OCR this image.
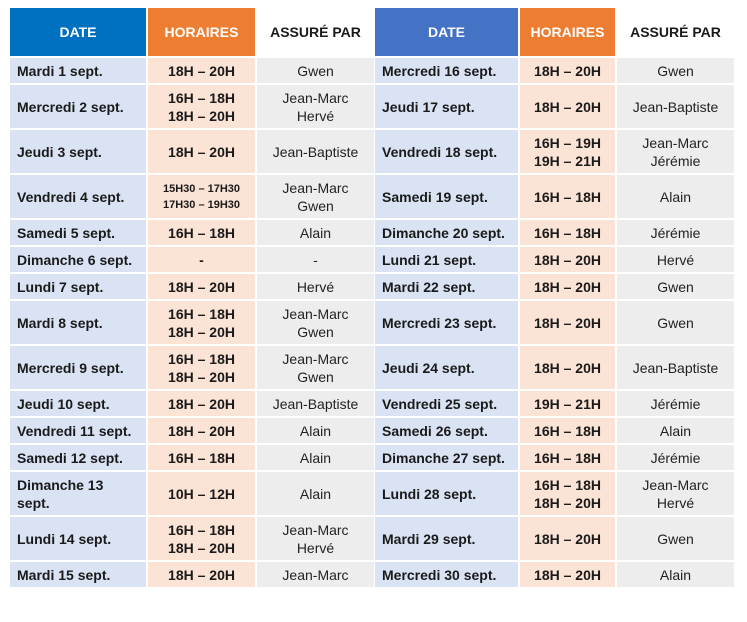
DATE	HORAIRES	ASSURÉ PAR

Mardi 1 sept.	18H – 20H	Gwen

Mercredi 2 sept.	16H – 18H
18H – 20H	Jean-Marc
Hervé

Jeudi 3 sept.	18H – 20H	Jean-Baptiste

Vendredi 4 sept.	15H30 – 17H30
17H30 – 19H30	Jean-Marc
Gwen

Samedi 5 sept.	16H – 18H	Alain

Dimanche 6 sept.	-	-

Lundi 7 sept.	18H – 20H	Hervé

Mardi 8 sept.	16H – 18H
18H – 20H	Jean-Marc
Gwen

Mercredi 9 sept.	16H – 18H
18H – 20H	Jean-Marc
Gwen

Jeudi 10 sept.	18H – 20H	Jean-Baptiste

Vendredi 11 sept.	18H – 20H	Alain

Samedi 12 sept.	16H – 18H	Alain

Dimanche 13
sept.	10H – 12H	Alain

Lundi 14 sept.	16H – 18H
18H – 20H	Jean-Marc
Hervé

Mardi 15 sept.	18H – 20H	Jean-Marc
DATE	HORAIRES	ASSURÉ PAR

Mercredi 16 sept.	18H – 20H	Gwen

Jeudi 17 sept.	18H – 20H	Jean-Baptiste

Vendredi 18 sept.	16H – 19H
19H – 21H	Jean-Marc
Jérémie

Samedi 19 sept.	16H – 18H	Alain

Dimanche 20 sept.	16H – 18H	Jérémie

Lundi 21 sept.	18H – 20H	Hervé

Mardi 22 sept.	18H – 20H	Gwen

Mercredi 23 sept.	18H – 20H	Gwen

Jeudi 24 sept.	18H – 20H	Jean-Baptiste

Vendredi 25 sept.	19H – 21H	Jérémie

Samedi 26 sept.	16H – 18H	Alain

Dimanche 27 sept.	16H – 18H	Jérémie

Lundi 28 sept.	16H – 18H
18H – 20H	Jean-Marc
Hervé

Mardi 29 sept.	18H – 20H	Gwen

Mercredi 30 sept.	18H – 20H	Alain
